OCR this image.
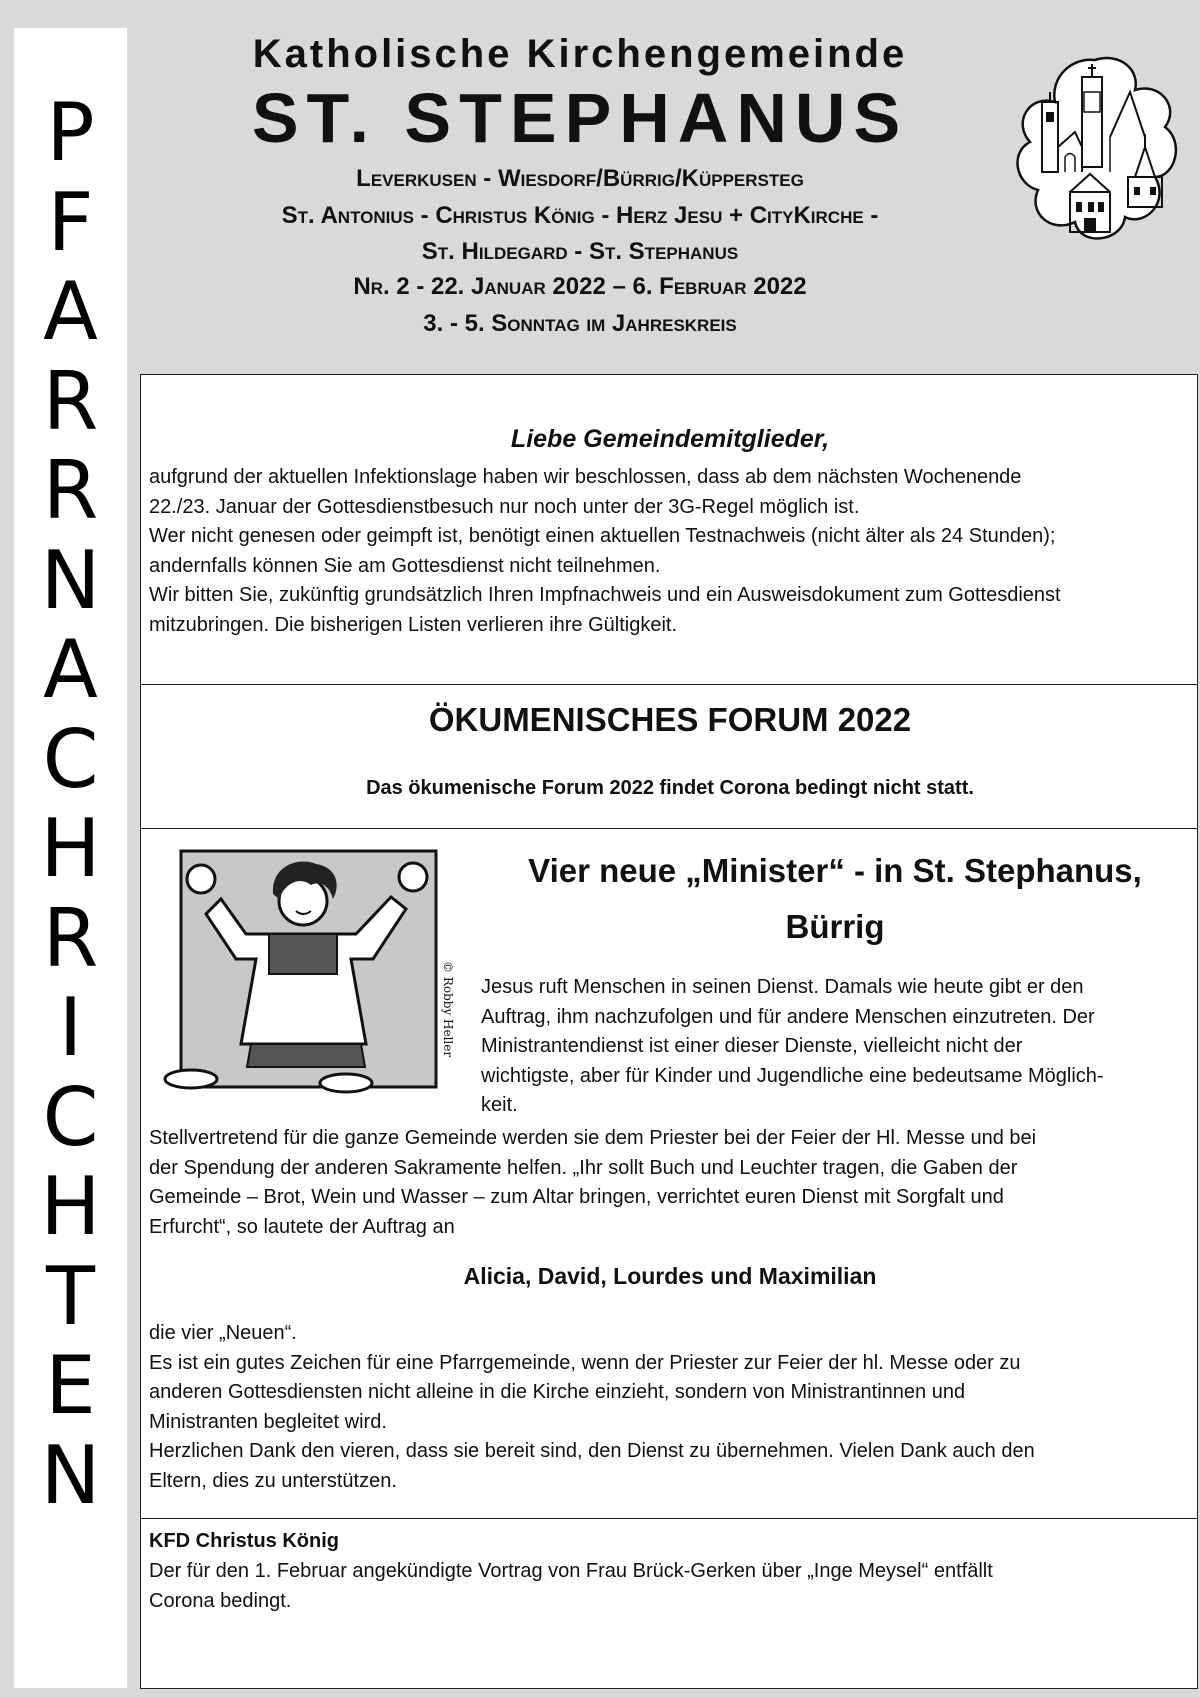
P
F
A
R
R
N
A
C
H
R
I
C
H
T
E
N
Katholische Kirchengemeinde
ST. STEPHANUS
Leverkusen - Wiesdorf/Bürrig/Küppersteg
St. Antonius - Christus König - Herz Jesu + CityKirche -
St. Hildegard - St. Stephanus
Nr. 2 - 22. Januar 2022 – 6. Februar 2022
3. - 5. Sonntag im Jahreskreis
Liebe Gemeindemitglieder,
aufgrund der aktuellen Infektionslage haben wir beschlossen, dass ab dem nächsten Wochenende
22./23. Januar der Gottesdienstbesuch nur noch unter der 3G-Regel möglich ist.
Wer nicht genesen oder geimpft ist, benötigt einen aktuellen Testnachweis (nicht älter als 24 Stunden);
andernfalls können Sie am Gottesdienst nicht teilnehmen.
Wir bitten Sie, zukünftig grundsätzlich Ihren Impfnachweis und ein Ausweisdokument zum Gottesdienst
mitzubringen. Die bisherigen Listen verlieren ihre Gültigkeit.
ÖKUMENISCHES FORUM 2022
Das ökumenische Forum 2022 findet Corona bedingt nicht statt.
© Robby Heller
Vier neue „Minister“ - in St. Stephanus, Bürrig
Jesus ruft Menschen in seinen Dienst. Damals wie heute gibt er den
Auftrag, ihm nachzufolgen und für andere Menschen einzutreten. Der
Ministrantendienst ist einer dieser Dienste, vielleicht nicht der
wichtigste, aber für Kinder und Jugendliche eine bedeutsame Möglich-
keit.
Stellvertretend für die ganze Gemeinde werden sie dem Priester bei der Feier der Hl. Messe und bei
der Spendung der anderen Sakramente helfen. „Ihr sollt Buch und Leuchter tragen, die Gaben der
Gemeinde – Brot, Wein und Wasser – zum Altar bringen, verrichtet euren Dienst mit Sorgfalt und
Erfurcht“, so lautete der Auftrag an
Alicia, David, Lourdes und Maximilian
die vier „Neuen“.
Es ist ein gutes Zeichen für eine Pfarrgemeinde, wenn der Priester zur Feier der hl. Messe oder zu
anderen Gottesdiensten nicht alleine in die Kirche einzieht, sondern von Ministrantinnen und
Ministranten begleitet wird.
Herzlichen Dank den vieren, dass sie bereit sind, den Dienst zu übernehmen. Vielen Dank auch den
Eltern, dies zu unterstützen.
KFD Christus König
Der für den 1. Februar angekündigte Vortrag von Frau Brück-Gerken über „Inge Meysel“ entfällt
Corona bedingt.
